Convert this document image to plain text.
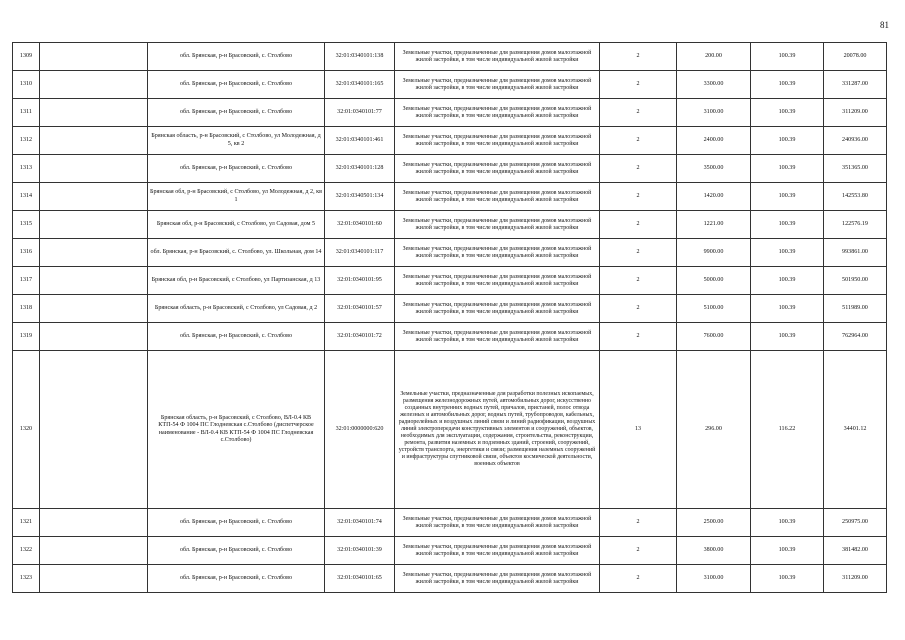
81
1309		обл. Брянская, р-н Брасовский, с. Столбово	32:01:0340101:138	Земельные участки, предназначенные для размещения домов малоэтажной жилой застройки, в том числе индивидуальной жилой застройки	2	200.00	100.39	20078.00
1310		обл. Брянская, р-н Брасовский, с. Столбово	32:01:0340101:165	Земельные участки, предназначенные для размещения домов малоэтажной жилой застройки, в том числе индивидуальной жилой застройки	2	3300.00	100.39	331287.00
1311		обл. Брянская, р-н Брасовский, с. Столбово	32:01:0340101:77	Земельные участки, предназначенные для размещения домов малоэтажной жилой застройки, в том числе индивидуальной жилой застройки	2	3100.00	100.39	311209.00
1312		Брянская область, р-н Брасовский, с Столбово, ул Молодежная, д 5, кв 2	32:01:0340101:461	Земельные участки, предназначенные для размещения домов малоэтажной жилой застройки, в том числе индивидуальной жилой застройки	2	2400.00	100.39	240936.00
1313		обл. Брянская, р-н Брасовский, с. Столбово	32:01:0340101:128	Земельные участки, предназначенные для размещения домов малоэтажной жилой застройки, в том числе индивидуальной жилой застройки	2	3500.00	100.39	351365.00
1314		Брянская обл, р-н Брасовский, с Столбово, ул Молодежная, д 2, кв 1	32:01:0340501:134	Земельные участки, предназначенные для размещения домов малоэтажной жилой застройки, в том числе индивидуальной жилой застройки	2	1420.00	100.39	142553.80
1315		Брянская обл, р-н Брасовский, с Столбово, ул Садовая, дом 5	32:01:0340101:60	Земельные участки, предназначенные для размещения домов малоэтажной жилой застройки, в том числе индивидуальной жилой застройки	2	1221.00	100.39	122576.19
1316		обл. Брянская, р-н Брасовский, с. Столбово, ул. Школьная, дом 14	32:01:0340101:117	Земельные участки, предназначенные для размещения домов малоэтажной жилой застройки, в том числе индивидуальной жилой застройки	2	9900.00	100.39	993861.00
1317		Брянская обл, р-н Брасовский, с Столбово, ул Партизанская, д 13	32:01:0340101:95	Земельные участки, предназначенные для размещения домов малоэтажной жилой застройки, в том числе индивидуальной жилой застройки	2	5000.00	100.39	501950.00
1318		Брянская область, р-н Брасовский, с Столбово, ул Садовая, д 2	32:01:0340101:57	Земельные участки, предназначенные для размещения домов малоэтажной жилой застройки, в том числе индивидуальной жилой застройки	2	5100.00	100.39	511989.00
1319		обл. Брянская, р-н Брасовский, с. Столбово	32:01:0340101:72	Земельные участки, предназначенные для размещения домов малоэтажной жилой застройки, в том числе индивидуальной жилой застройки	2	7600.00	100.39	762964.00
1320		Брянская область, р-н Брасовский, с Столбово, ВЛ-0.4 КВ КТП-54 Ф 1004 ПС Глодневская с.Столбово (диспетчерское наименование - ВЛ-0.4 КВ КТП-54 Ф 1004 ПС Глодневская с.Столбово)	32:01:0000000:620	Земельные участки, предназначенные для разработки полезных ископаемых, размещения железнодорожных путей, автомобильных дорог, искусственно созданных внутренних водных путей, причалов, пристаней, полос отвода железных и автомобильных дорог, водных путей, трубопроводов, кабельных, радиорелейных и воздушных линий связи и линий радиофикации, воздушных линий электропередачи конструктивных элементов и сооружений, объектов, необходимых для эксплуатации, содержания, строительства, реконструкции, ремонта, развития наземных и подземных зданий, строений, сооружений, устройств транспорта, энергетики и связи; размещения наземных сооружений и инфраструктуры спутниковой связи, объектов космической деятельности, военных объектов	13	296.00	116.22	34401.12
1321		обл. Брянская, р-н Брасовский, с. Столбово	32:01:0340101:74	Земельные участки, предназначенные для размещения домов малоэтажной жилой застройки, в том числе индивидуальной жилой застройки	2	2500.00	100.39	250975.00
1322		обл. Брянская, р-н Брасовский, с. Столбово	32:01:0340101:39	Земельные участки, предназначенные для размещения домов малоэтажной жилой застройки, в том числе индивидуальной жилой застройки	2	3800.00	100.39	381482.00
1323		обл. Брянская, р-н Брасовский, с. Столбово	32:01:0340101:65	Земельные участки, предназначенные для размещения домов малоэтажной жилой застройки, в том числе индивидуальной жилой застройки	2	3100.00	100.39	311209.00
